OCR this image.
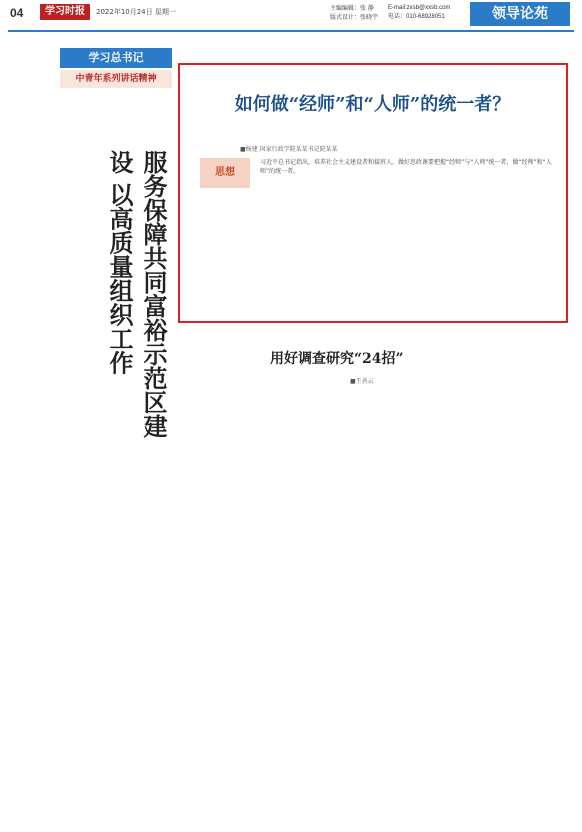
04	学习时报	2022年10月24日 星期一	主编编辑：张 静
版式设计：张晓宇
E-mail:zxsb@xxsb.com
电话：010-68928051	领导论苑
学习总书记
中青年系列讲话精神
服务保障共同富裕示范区建设 以高质量组织工作
如何做“经师”和“人师”的统一者？
■杨建 国家行政学院某某书记院某某
思想
习近平总书记指出，培养社会主义建设者和接班人，做好思政课要把握“经师”与“人师”统一者，做“经师”和“人师”的统一者。
用好调查研究“24招”
■王善云
